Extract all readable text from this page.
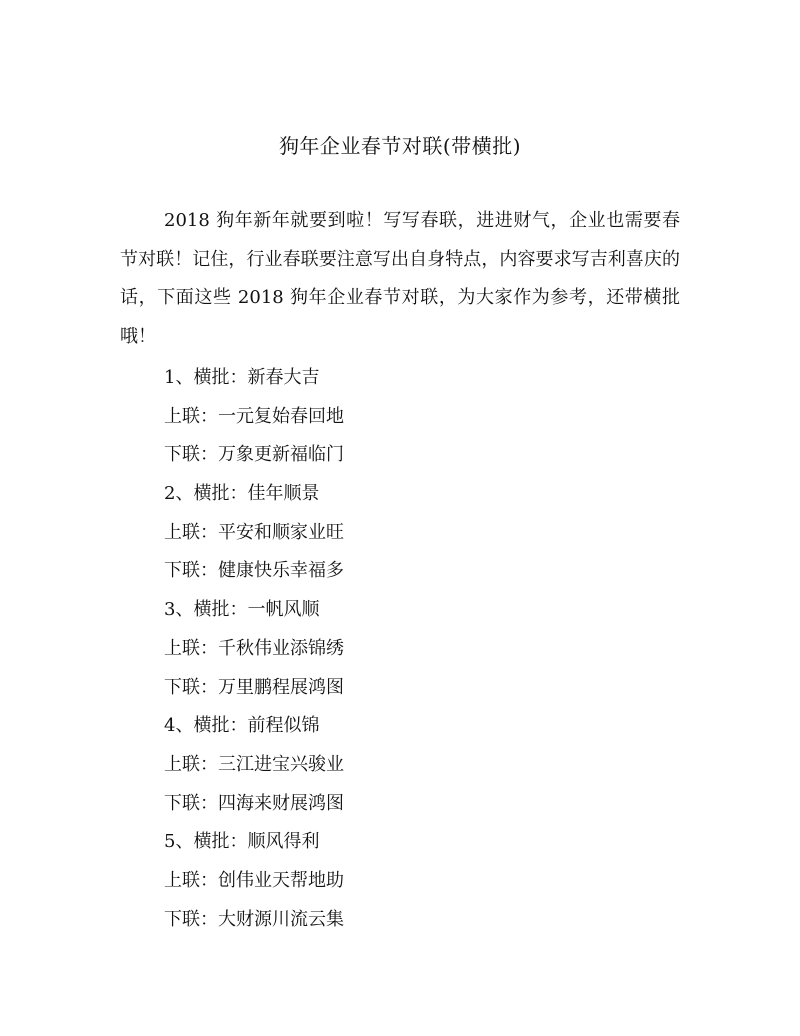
狗年企业春节对联(带横批)

2018 狗年新年就要到啦！写写春联，进进财气，企业也需要春节对联！记住，行业春联要注意写出自身特点，内容要求写吉利喜庆的话，下面这些 2018 狗年企业春节对联，为大家作为参考，还带横批哦！

1、横批：新春大吉
上联：一元复始春回地
下联：万象更新福临门
2、横批：佳年顺景
上联：平安和顺家业旺
下联：健康快乐幸福多
3、横批：一帆风顺
上联：千秋伟业添锦绣
下联：万里鹏程展鸿图
4、横批：前程似锦
上联：三江进宝兴骏业
下联：四海来财展鸿图
5、横批：顺风得利
上联：创伟业天帮地助
下联：大财源川流云集
